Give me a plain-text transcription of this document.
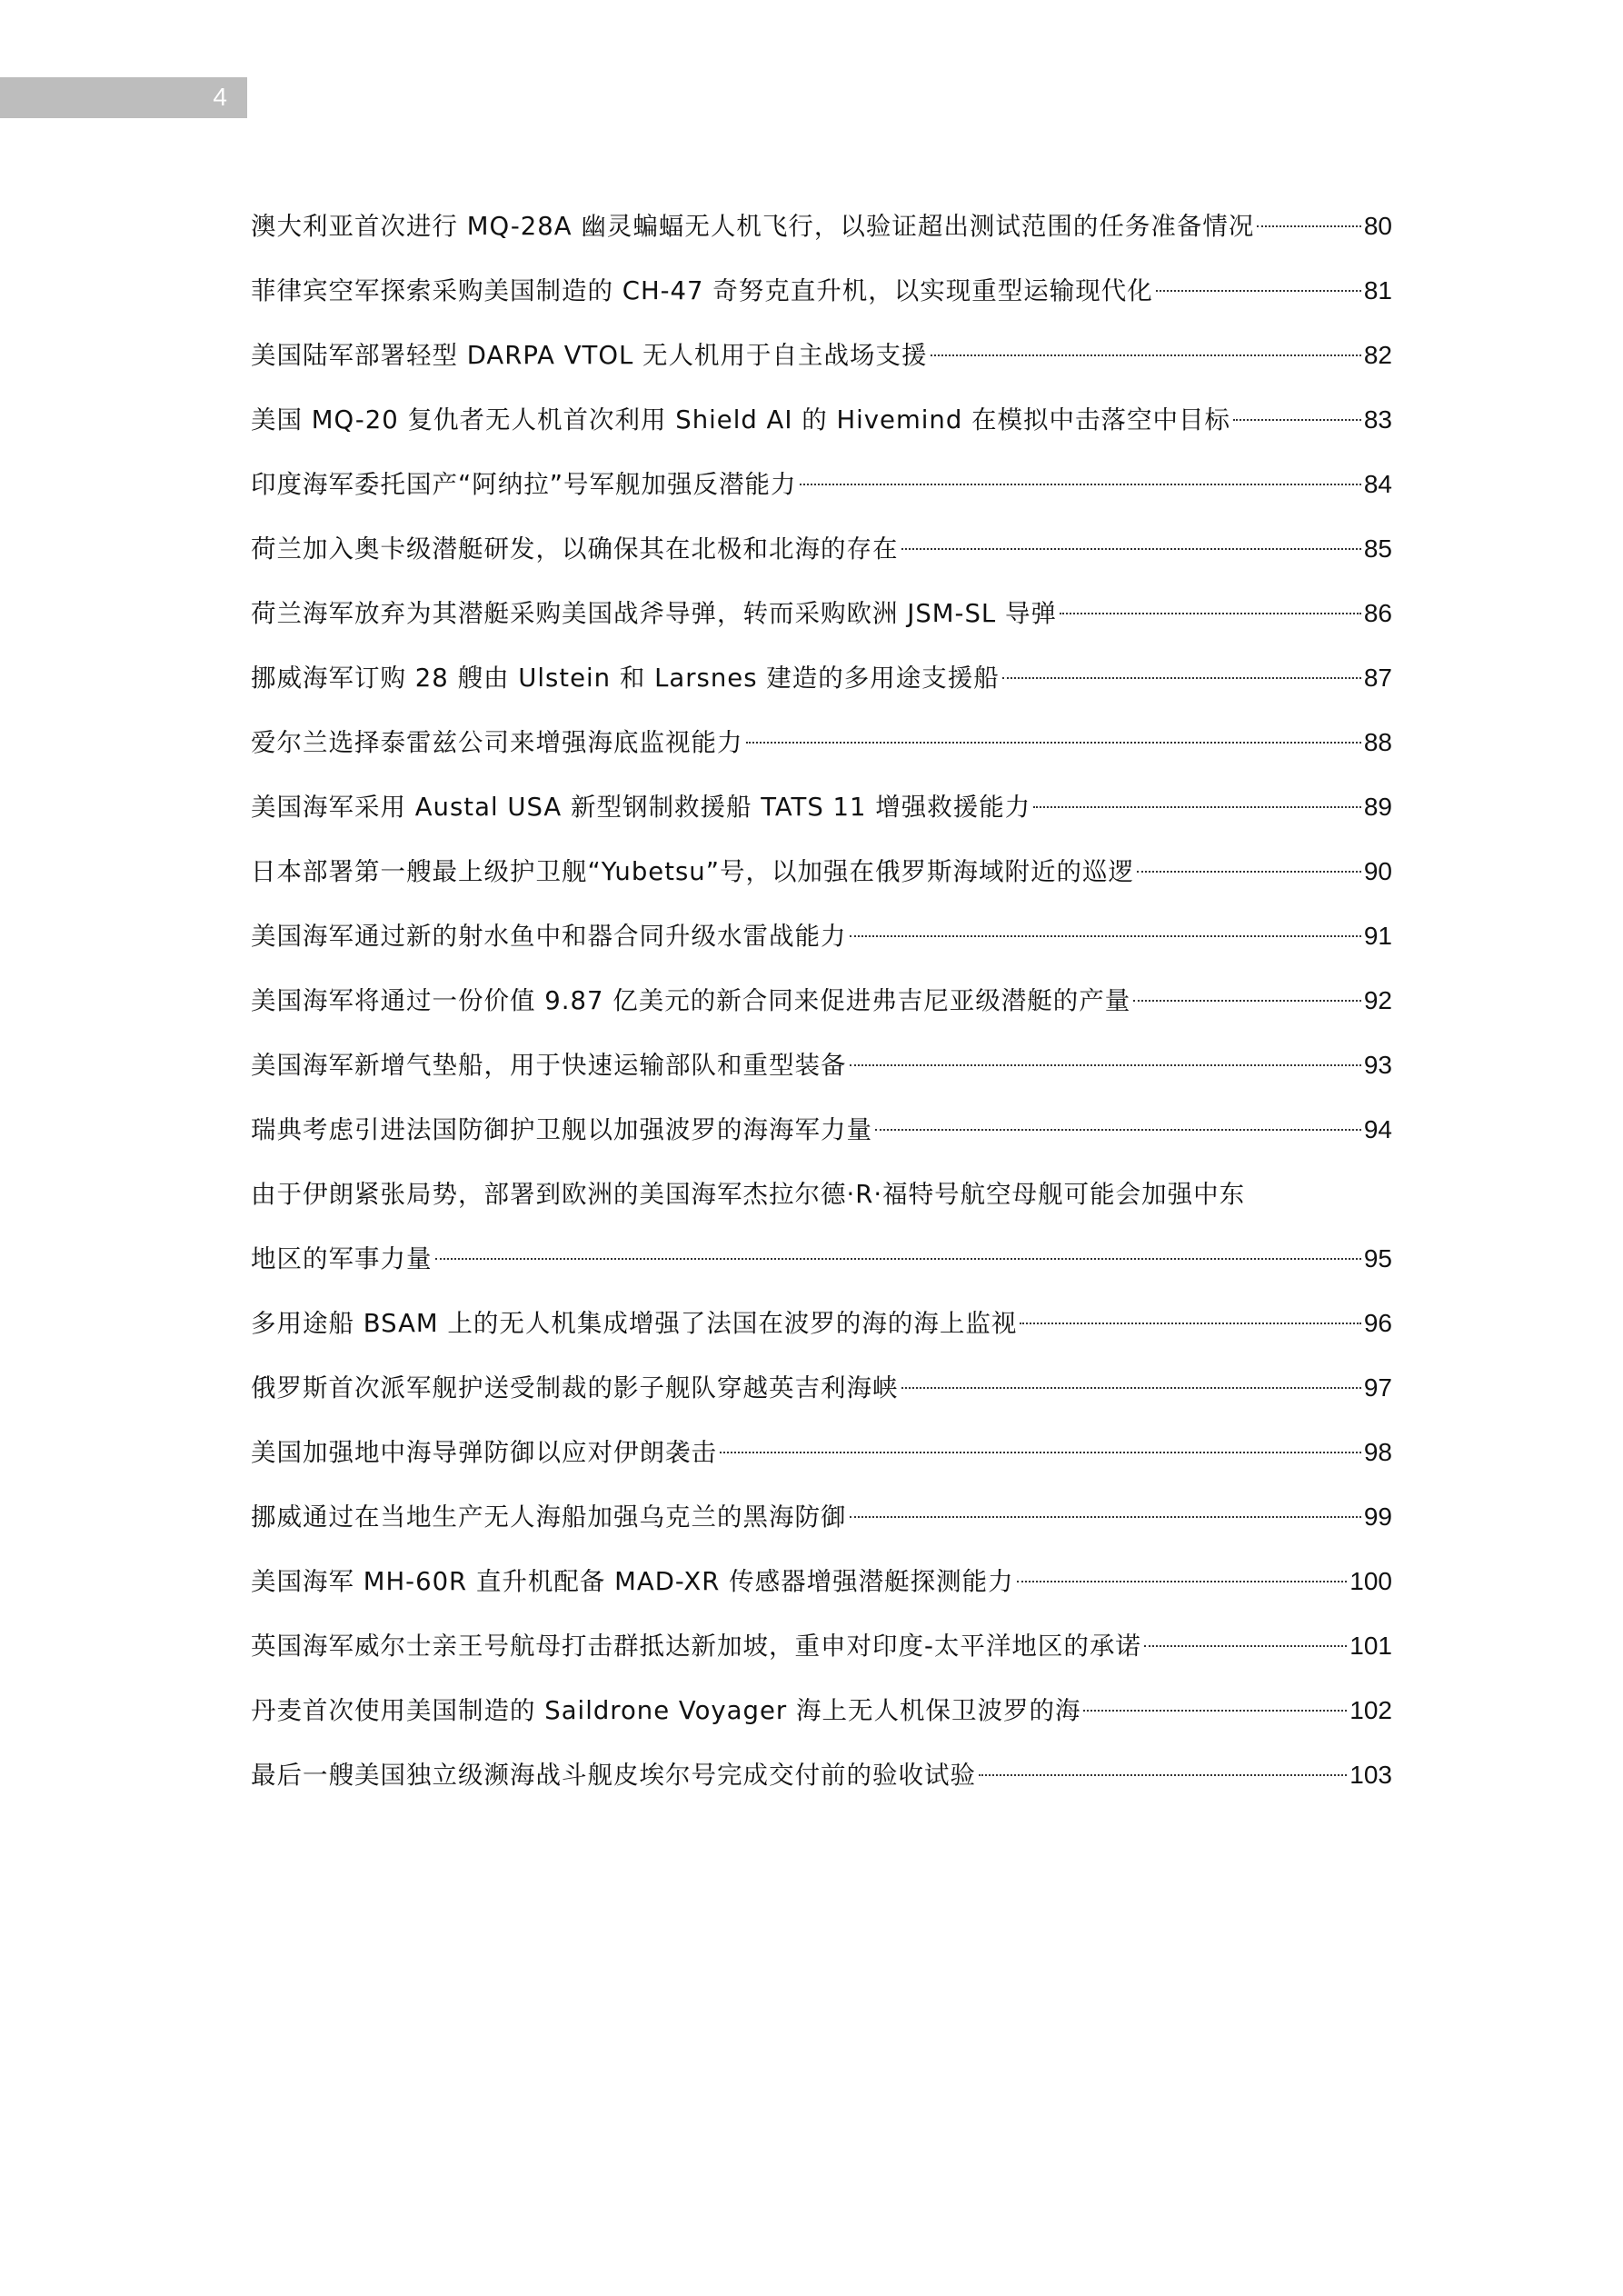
4
澳大利亚首次进行 MQ-28A 幽灵蝙蝠无人机飞行，以验证超出测试范围的任务准备情况	80
菲律宾空军探索采购美国制造的 CH-47 奇努克直升机，以实现重型运输现代化	81
美国陆军部署轻型 DARPA VTOL 无人机用于自主战场支援	82
美国 MQ-20 复仇者无人机首次利用 Shield AI 的 Hivemind 在模拟中击落空中目标	83
印度海军委托国产“阿纳拉”号军舰加强反潜能力	84
荷兰加入奥卡级潜艇研发，以确保其在北极和北海的存在	85
荷兰海军放弃为其潜艇采购美国战斧导弹，转而采购欧洲 JSM-SL 导弹	86
挪威海军订购 28 艘由 Ulstein 和 Larsnes 建造的多用途支援船	87
爱尔兰选择泰雷兹公司来增强海底监视能力	88
美国海军采用 Austal USA 新型钢制救援船 TATS 11 增强救援能力	89
日本部署第一艘最上级护卫舰“Yubetsu”号，以加强在俄罗斯海域附近的巡逻	90
美国海军通过新的射水鱼中和器合同升级水雷战能力	91
美国海军将通过一份价值 9.87 亿美元的新合同来促进弗吉尼亚级潜艇的产量	92
美国海军新增气垫船，用于快速运输部队和重型装备	93
瑞典考虑引进法国防御护卫舰以加强波罗的海海军力量	94
由于伊朗紧张局势，部署到欧洲的美国海军杰拉尔德·R·福特号航空母舰可能会加强中东
地区的军事力量	95
多用途船 BSAM 上的无人机集成增强了法国在波罗的海的海上监视	96
俄罗斯首次派军舰护送受制裁的影子舰队穿越英吉利海峡	97
美国加强地中海导弹防御以应对伊朗袭击	98
挪威通过在当地生产无人海船加强乌克兰的黑海防御	99
美国海军 MH-60R 直升机配备 MAD-XR 传感器增强潜艇探测能力	100
英国海军威尔士亲王号航母打击群抵达新加坡，重申对印度-太平洋地区的承诺	101
丹麦首次使用美国制造的 Saildrone Voyager 海上无人机保卫波罗的海	102
最后一艘美国独立级濒海战斗舰皮埃尔号完成交付前的验收试验	103
